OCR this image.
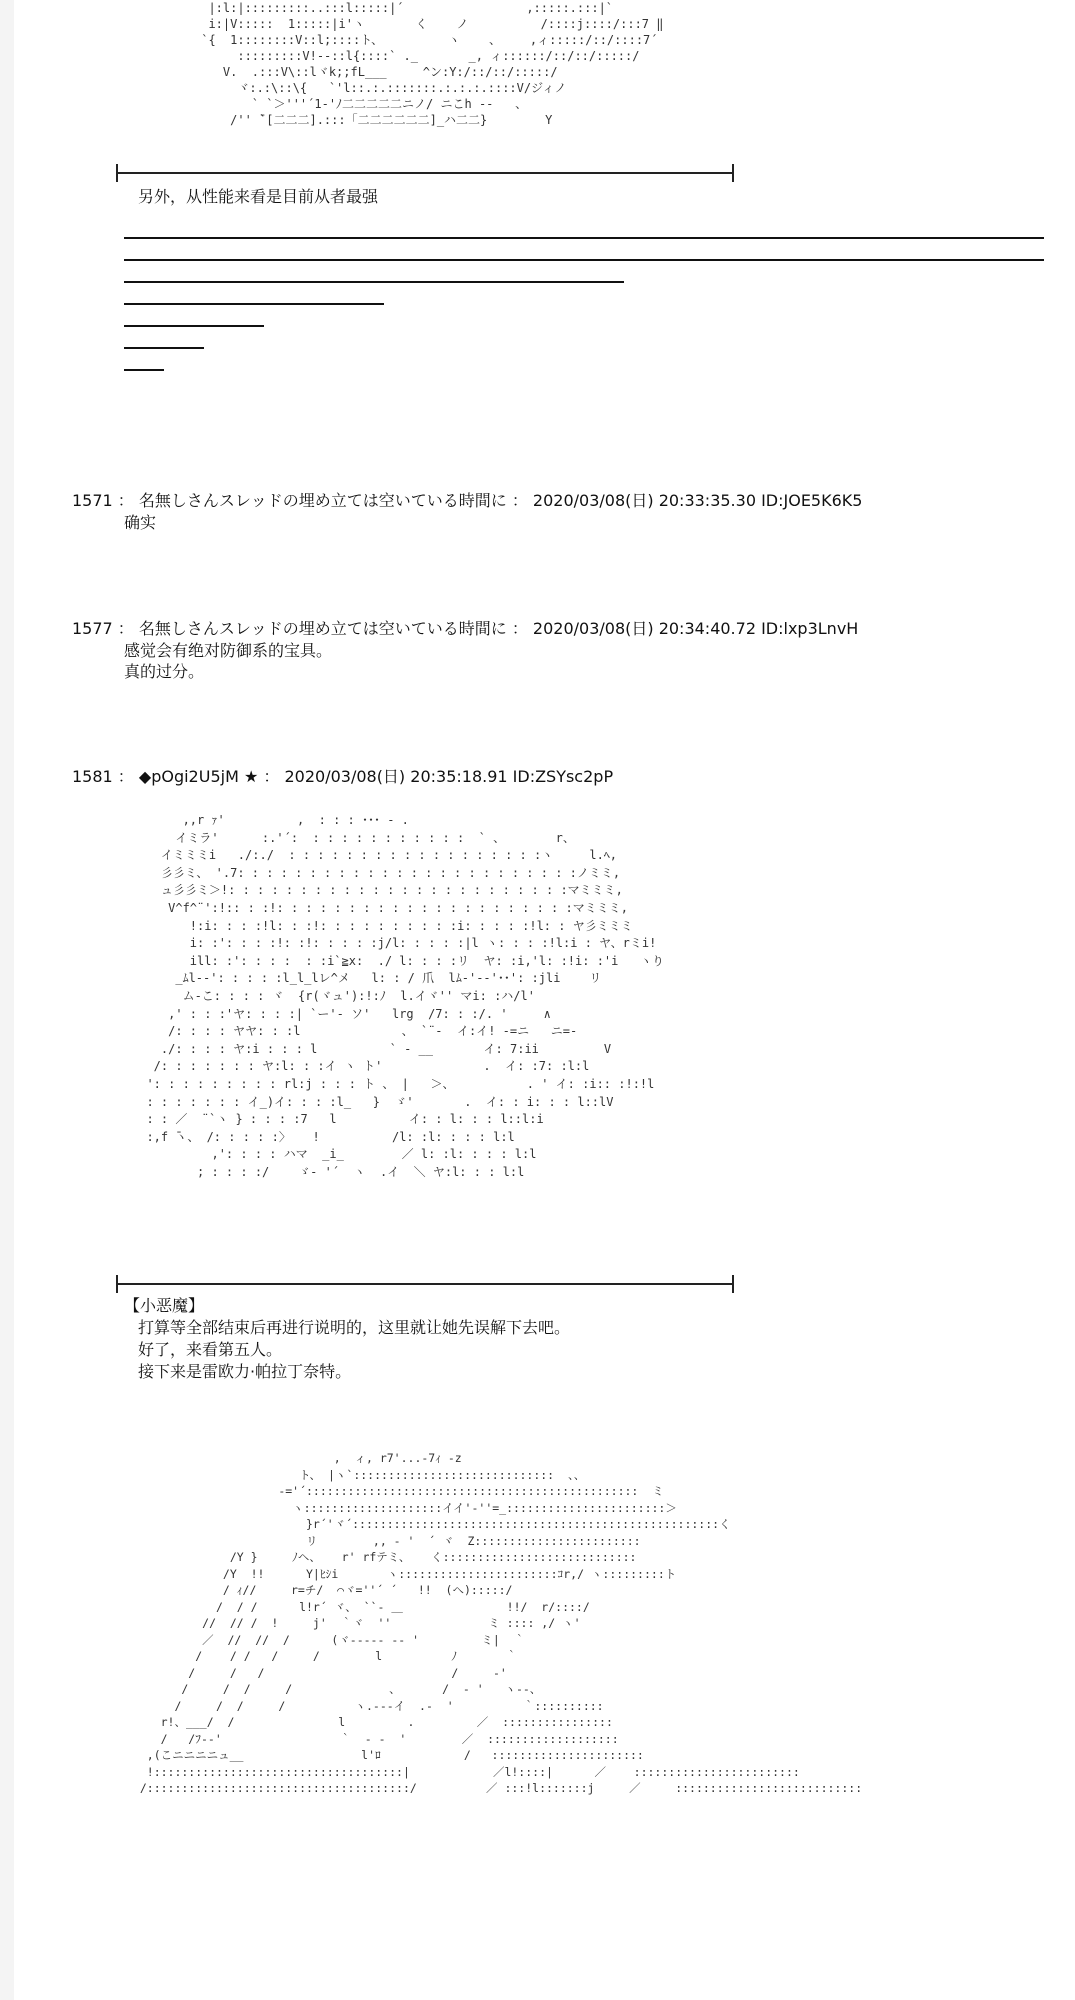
|:l:|:::::::::..:::l:::::|´                 ,:::::.:::|`
i:|V:::::  1:::::|i'ヽ       く    ノ          /::::j::::/:::7 ‖
`{  1::::::::V::l;::::ト、         ヽ    、    ,ィ:::::/::/::::7´
:::::::::V!--::l{::::` ._       _, ィ::::::/::/::/:::::/
V.  .:::V\::lヾk;;fL___     ^ン:Y:/::/::/:::::/
ヾ:.:\::\{   `'l::.:.:::::::.:.:.:.::::V/ジィノ
` `＞'''´1-'ﾉ二二二二二ニノ/ ニこh --   、
/'' ̄`[二二二].:::「二二二二二二]_ハ二二}        Y
另外，从性能来看是目前从者最强
1571 ： 名無しさんスレッドの埋め立ては空いている時間に ： 2020/03/08(日) 20:33:35.30 ID:JOE5K6K5
确实
1577 ： 名無しさんスレッドの埋め立ては空いている時間に ： 2020/03/08(日) 20:34:40.72 ID:lxp3LnvH
感觉会有绝对防御系的宝具。
真的过分。
1581 ： ◆pOgi2U5jM ★ ： 2020/03/08(日) 20:35:18.91 ID:ZSYsc2pP
,,r ｧ'          ,  : : : ･･･ ‐ .
イミラ'      :.'´:  : : : : : : : : : : :  ` 、       r、
イミミミi   ./:./  : : : : : : : : : : : : : : : : : :ヽ     l.ﾍ,
彡彡ミ、 '.7: : : : : : : : : : : : : : : : : : : : : : : :ノミミ,
ュ彡彡ミ＞!: : : : : : : : : : : : : : : : : : : : : : : :マミミミ,
V^f^¨':!:: : :!: : : : : : : : : : : : : : : : : : : : :マミミミ,
!:i: : : :!l: : :!: : : : : : : : : :i: : : : :!l: : ヤ彡ミミミ
i: :': : : :!: :!: : : : :j/l: : : : :|l ヽ: : : :!l:i : ヤ、rミi!
ill: :': : : :  : :i`≧x:  ./ l: : : :リ  ヤ: :i,'l: :!i: :'i   ヽり
_ﾑl‐‐': : : : :l_l_lレ^メ   l: : / 爪  lﾑ‐'‐‐'･･': :jli    リ
ム‐こ: : : : ヾ  {r(ヾュ'):!:ﾉ  l.イヾ'' マi: :ハ/l'
,' : : :'ヤ: : : :| `ー'‐ ソ'   lrg  /7: : :/. '     ∧
/: : : : ヤヤ: : :l              、 `¨‐  イ:イ! ‐=ニ   ニ=‐
./: : : : ヤ:i : : : l          ` ‐ __       イ: 7:ii         V
/: : : : : : : ヤ:l: : :イ ヽ ト'              .  イ: :7: :l:l
': : : : : : : : : rl:j : : : ト 、 |   ＞、          . ' イ: :i:: :!:!l
: : : : : : : イ_)イ: : : :l_   }  ゞ'       .  イ: : i: : : l::lV
: : ／  ¨`ヽ } : : : :7   l          イ: : l: : : l::l:i
:,f ̄ヽ、 /: : : : :〉   !          /l: :l: : : : l:l
,': : : : ハマ  _i_        ／ l: :l: : : : l:l
; : : : :/    ゞ‐ '´  ヽ  .イ  ＼ ヤ:l: : : l:l
【小恶魔】
打算等全部结束后再进行说明的，这里就让她先误解下去吧。
好了，来看第五人。
接下来是雷欧力·帕拉丁奈特。
,  ィ, r7'...‐7ｨ ‐z
ト、 |ヽ`:::::::::::::::::::::::::::::  、、
‐='´::::::::::::::::::::::::::::::::::::::::::::::::  ミ
ヽ::::::::::::::::::::イイ'‐''=_:::::::::::::::::::::::＞
}r´'ヾ´:::::::::::::::::::::::::::::::::::::::::::::::::::::く
リ        ,, ‐ '  ´ ヾ  Z::::::::::::::::::::::::
/Y }     ﾉヘ、   r' rfテミ、   く::::::::::::::::::::::::::::
/Y  !!      Y|ﾋｼi       ヽ:::::::::::::::::::::::ｺr,/ ヽ:::::::::ト
/ ｨ//     r=チ/  ⌒ヾ=''´ ´   !!  (へ):::::/
/  / /      l!r´ ヾ、 ``‐ ＿               !!/  r/::::/
//  // /  !     j'  ｀ヾ  ''              ミ :::: ,/ ヽ'
／  //  //  /      (ヾ‐‐‐‐‐ ‐‐ '         ミ|  ｀
/    / /   /     /        l          ﾉ       ｀
/     /   /                           /     ‐'
/     /  /     /              、      /  ‐ '   ヽ‐‐、
/     /  /     /          ヽ.‐‐‐イ  .‐  '          ｀::::::::::
r!、___/  /               l         .         ／  ::::::::::::::::
/   /ﾌ‐‐'                 ｀  ‐ ‐  '        ／  :::::::::::::::::::
,(こニニニニュ__                 l'ﾛ            /   ::::::::::::::::::::::
!::::::::::::::::::::::::::::::::::::|            ／l!::::|      ／    ::::::::::::::::::::::::
/::::::::::::::::::::::::::::::::::::::/          ／ :::!l:::::::j     ／     :::::::::::::::::::::::::::
